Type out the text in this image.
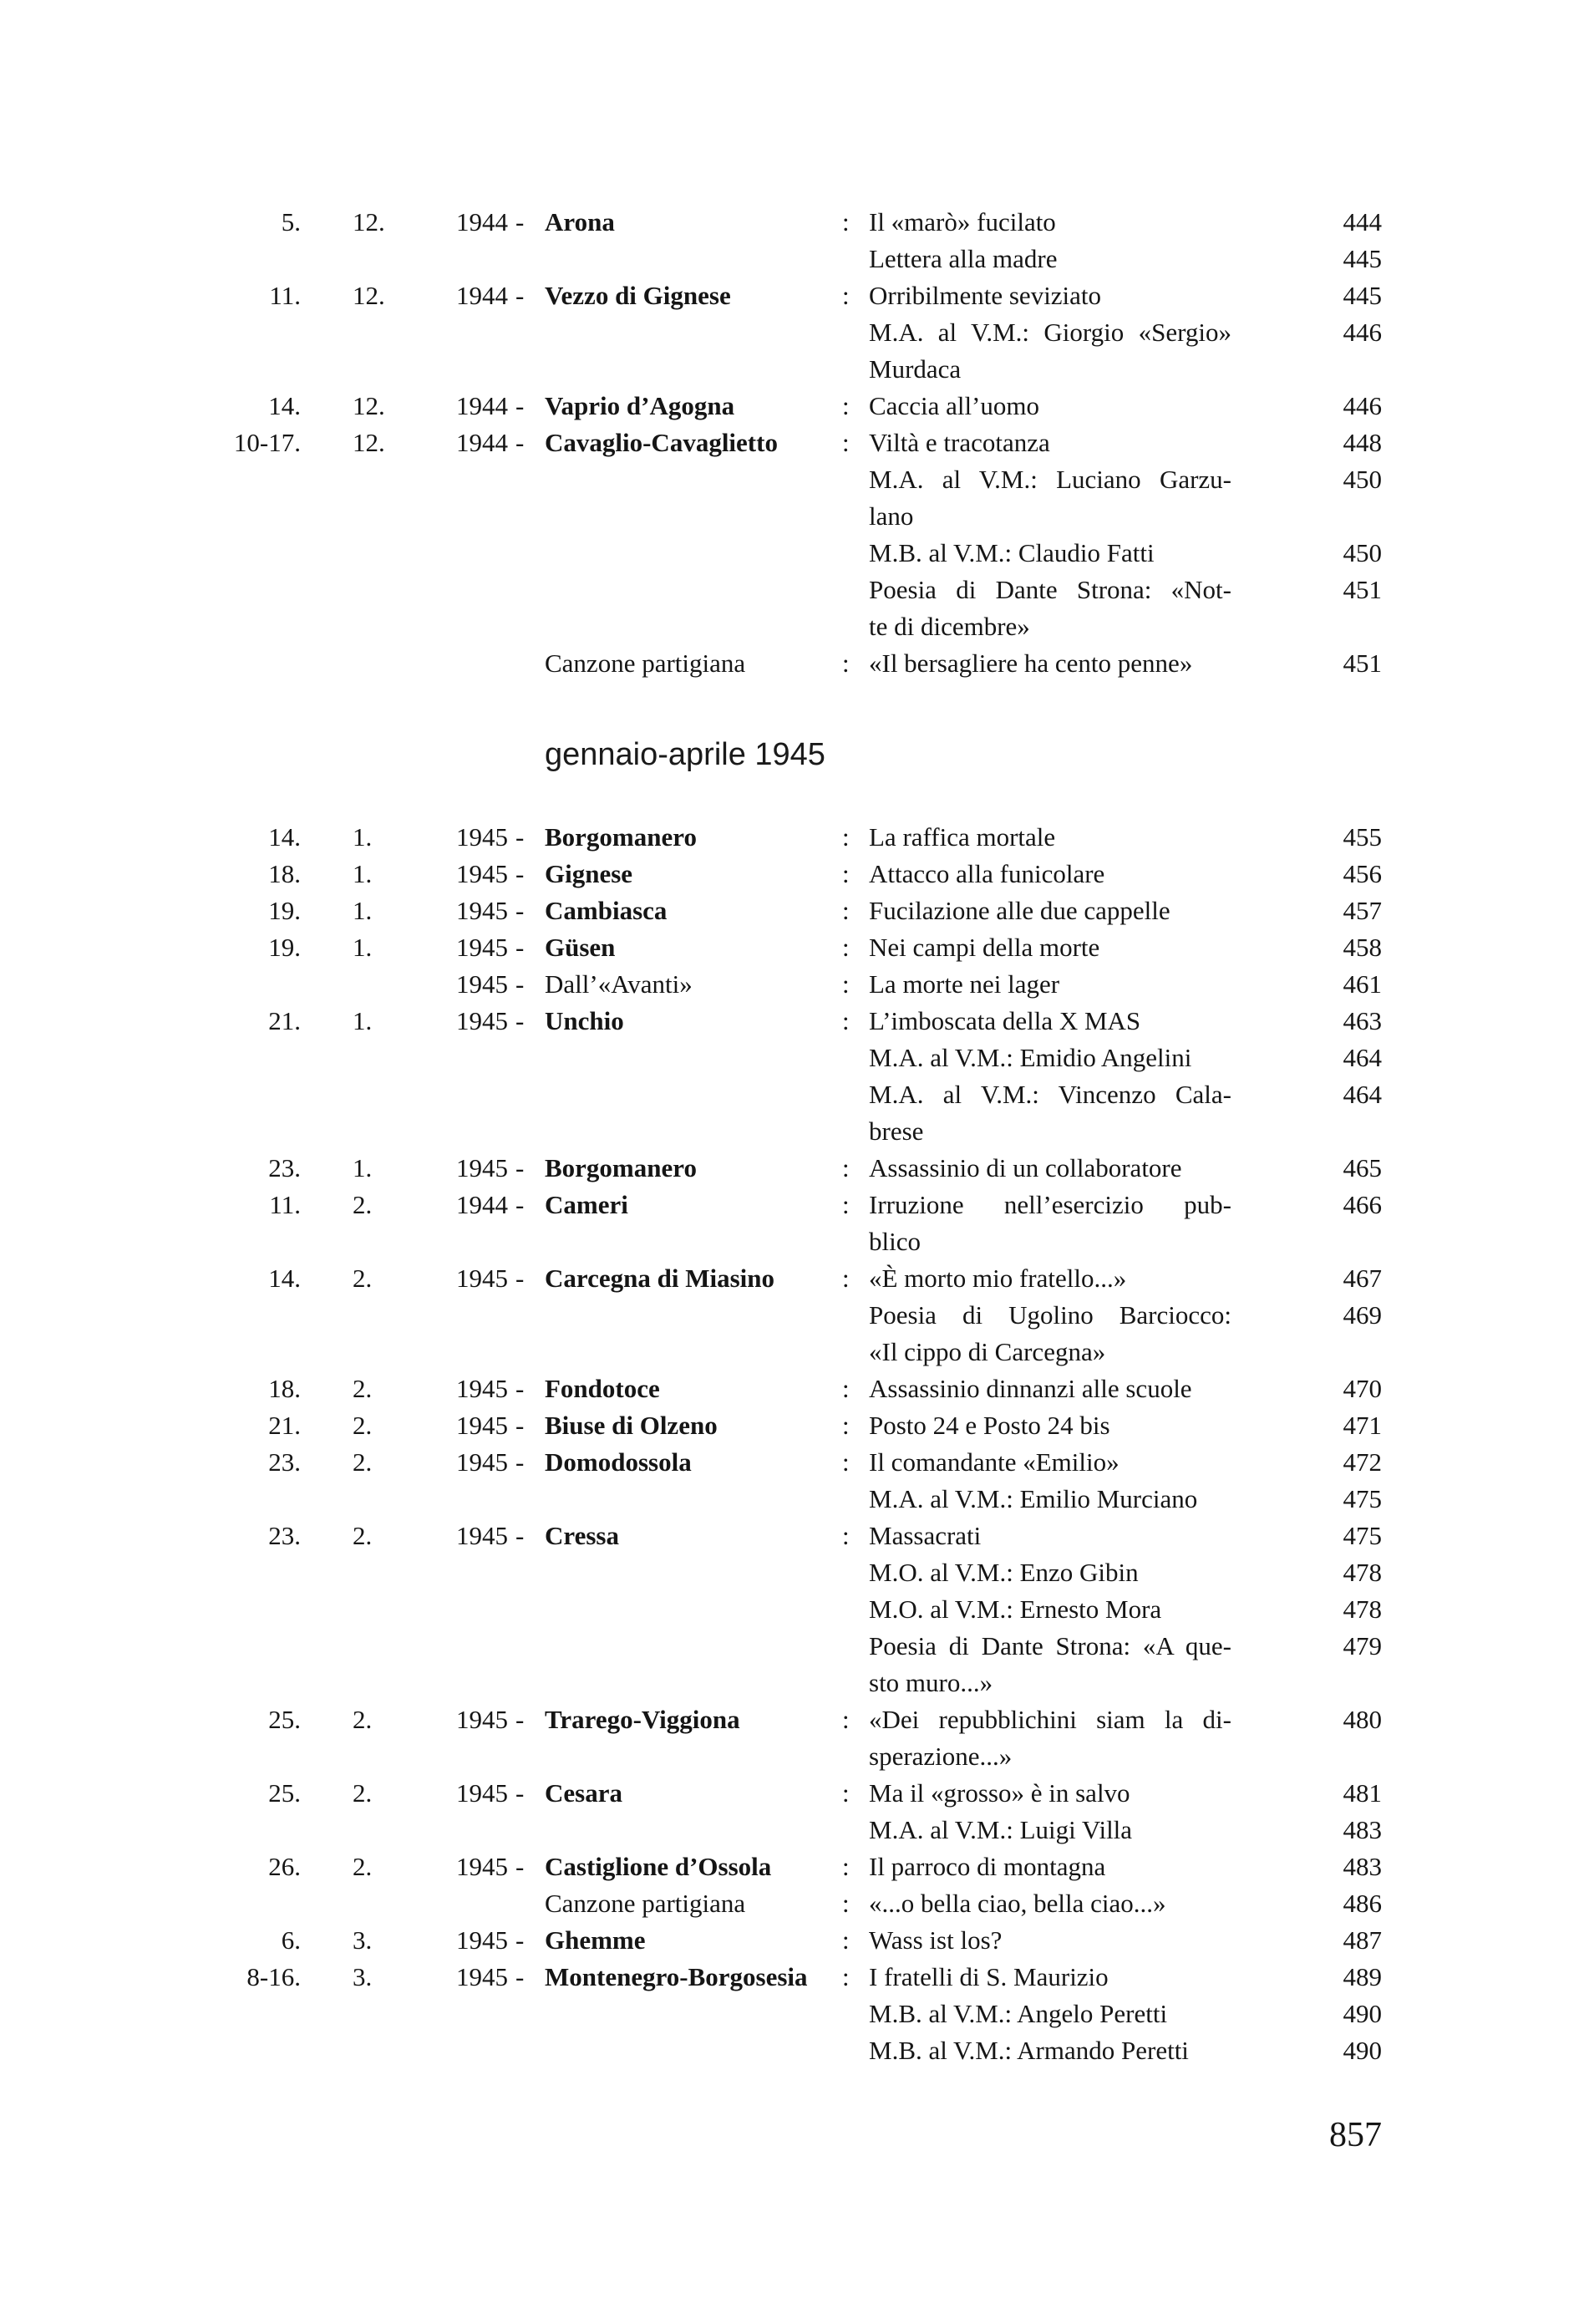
5. 12.	1944 - Arona	: Il «marò» fucilato	444
Lettera alla madre	445
11. 12.	1944 - Vezzo di Gignese	: Orribilmente seviziato	445
M.A. al V.M.: Giorgio «Sergio»	446
Murdaca
14. 12.	1944 - Vaprio d’Agogna	: Caccia all’uomo	446
10-17. 12.	1944 - Cavaglio-Cavaglietto : Viltà e tracotanza	448
M.A. al V.M.: Luciano Garzu-	450
lano
M.B. al V.M.: Claudio Fatti	450
Poesia di Dante Strona: «Not-	451
te di dicembre»
Canzone partigiana	: «Il bersagliere ha cento penne»	451
gennaio-aprile 1945
14. 1.	1945 - Borgomanero	: La raffica mortale	455
18. 1.	1945 - Gignese	: Attacco alla funicolare	456
19. 1.	1945 - Cambiasca	: Fucilazione alle due cappelle	457
19. 1.	1945 - Güsen	: Nei campi della morte	458
1945 - Dall’«Avanti»	: La morte nei lager	461
21. 1.	1945 - Unchio	: L’imboscata della X MAS	463
M.A. al V.M.: Emidio Angelini	464
M.A. al V.M.: Vincenzo Cala-	464
brese
23. 1.	1945 - Borgomanero	: Assassinio di un collaboratore	465
11. 2.	1944 - Cameri	: Irruzione nell’esercizio pub-	466
blico
14. 2.	1945 - Carcegna di Miasino	: «È morto mio fratello...»	467
Poesia di Ugolino Barciocco:	469
«Il cippo di Carcegna»
18. 2.	1945 - Fondotoce	: Assassinio dinnanzi alle scuole	470
21. 2.	1945 - Biuse di Olzeno	: Posto 24 e Posto 24 bis	471
23. 2.	1945 - Domodossola	: Il comandante «Emilio»	472
M.A. al V.M.: Emilio Murciano	475
23. 2.	1945 - Cressa	: Massacrati	475
M.O. al V.M.: Enzo Gibin	478
M.O. al V.M.: Ernesto Mora	478
Poesia di Dante Strona: «A que-	479
sto muro...»
25. 2.	1945 - Trarego-Viggiona	: «Dei repubblichini siam la di-	480
sperazione...»
25. 2.	1945 - Cesara	: Ma il «grosso» è in salvo	481
M.A. al V.M.: Luigi Villa	483
26. 2.	1945 - Castiglione d’Ossola	: Il parroco di montagna	483
Canzone partigiana	: «...o bella ciao, bella ciao...»	486
6. 3.	1945 - Ghemme	: Wass ist los?	487
8-16. 3.	1945 - Montenegro-Borgosesia : I fratelli di S. Maurizio	489
M.B. al V.M.: Angelo Peretti	490
M.B. al V.M.: Armando Peretti	490
857
